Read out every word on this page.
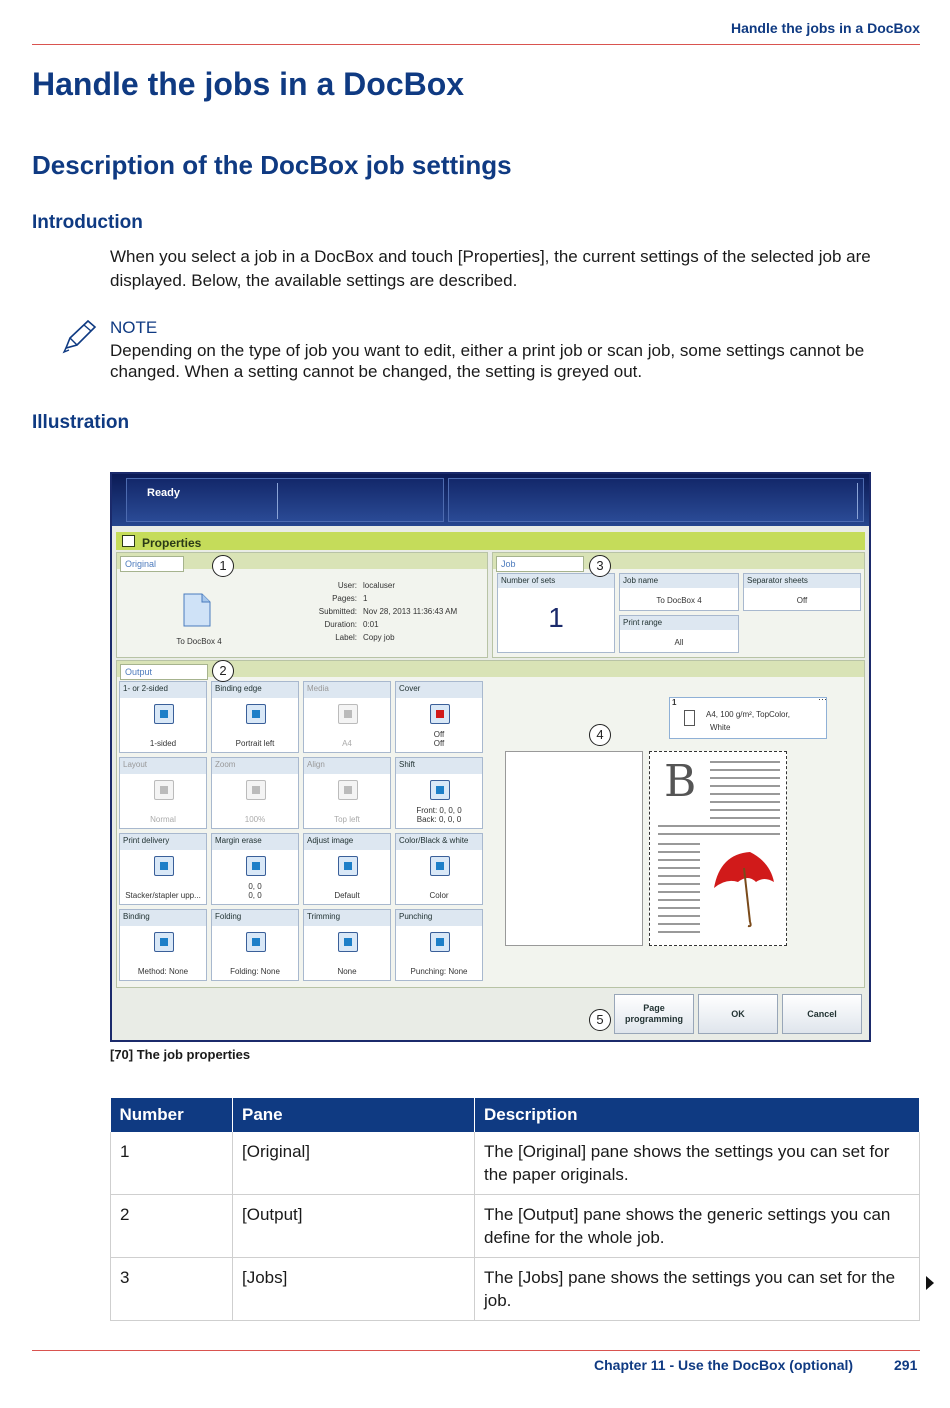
Handle the jobs in a DocBox
Handle the jobs in a DocBox
Description of the DocBox job settings
Introduction
When you select a job in a DocBox and touch [Properties], the current settings of the selected job are displayed. Below, the available settings are described.
NOTE
Depending on the type of job you want to edit, either a print job or scan job, some settings cannot be changed. When a setting cannot be changed, the setting is greyed out.
Illustration
Ready
Properties
Original
To DocBox 4
User: localuser
Pages: 1
Submitted: Nov 28, 2013 11:36:43 AM
Duration: 0:01
Label: Copy job
Job
Number of sets
1
Job name
To DocBox 4
Separator sheets
Off
Print range
All
Output
1- or 2-sided
1-sided
Binding edge
Portrait left
Media
A4
Cover
Off
Off
Layout
Normal
Zoom
100%
Align
Top left
Shift
Front: 0, 0, 0
Back: 0, 0, 0
Print delivery
Stacker/stapler upp...
Margin erase
0, 0
0, 0
Adjust image
Default
Color/Black & white
Color
Binding
Method: None
Folding
Folding: None
Trimming
None
Punching
Punching: None
1
A4, 100 g/m², TopColor,
White
···
B
Page
programming
OK	Cancel
1
2
3
4
5
[70] The job properties
Number	Pane	Description
1	[Original]	The [Original] pane shows the settings you can set for the paper originals.
2	[Output]	The [Output] pane shows the generic settings you can define for the whole job.
3	[Jobs]	The [Jobs] pane shows the settings you can set for the job.
Chapter 11 - Use the DocBox (optional)	291
